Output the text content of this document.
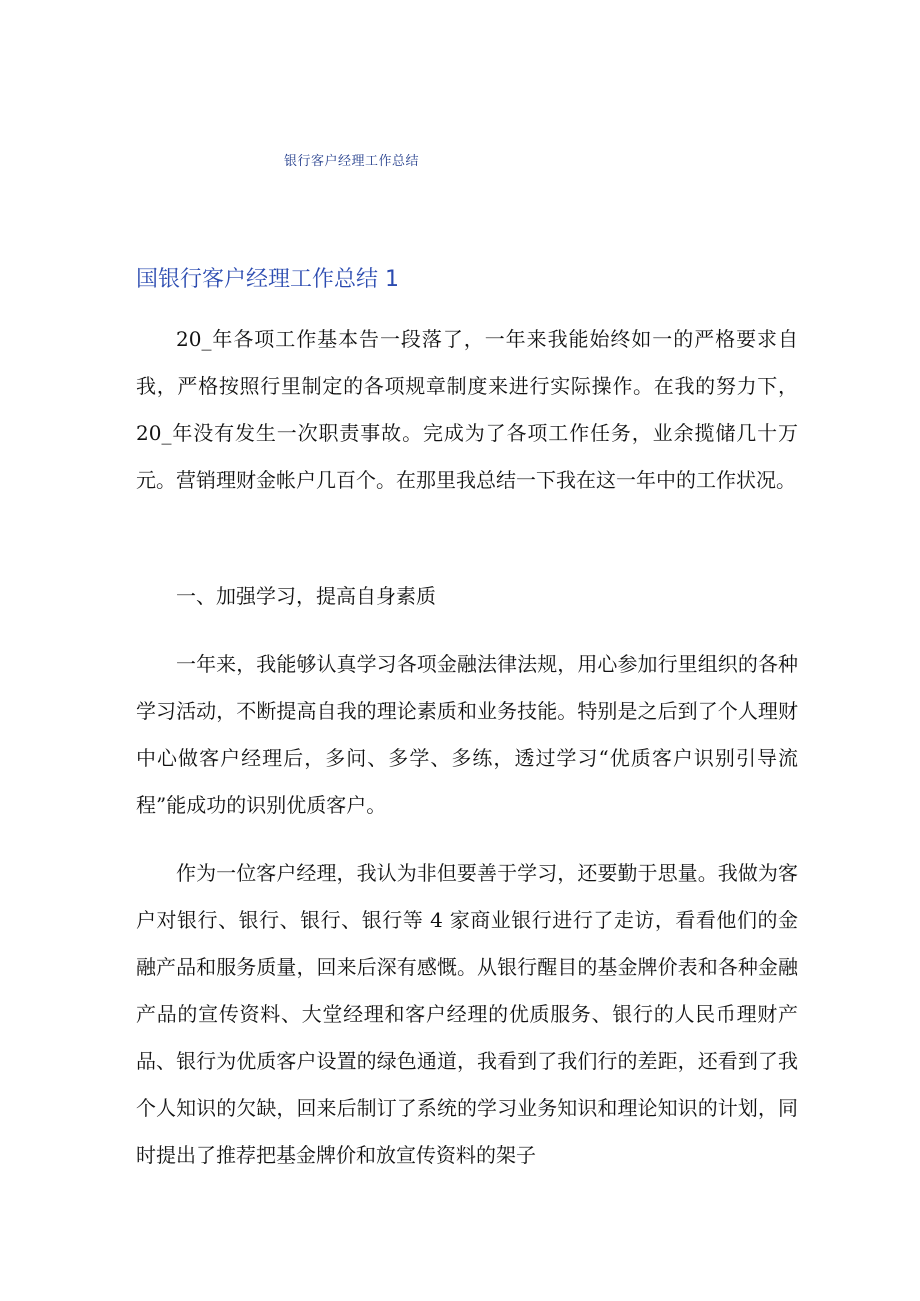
银行客户经理工作总结
国银行客户经理工作总结 1

20_年各项工作基本告一段落了，一年来我能始终如一的严格要求自我，严格按照行里制定的各项规章制度来进行实际操作。在我的努力下，20_年没有发生一次职责事故。完成为了各项工作任务，业余揽储几十万元。营销理财金帐户几百个。在那里我总结一下我在这一年中的工作状况。

一、加强学习，提高自身素质

一年来，我能够认真学习各项金融法律法规，用心参加行里组织的各种学习活动，不断提高自我的理论素质和业务技能。特别是之后到了个人理财中心做客户经理后，多问、多学、多练，透过学习“优质客户识别引导流程”能成功的识别优质客户。

作为一位客户经理，我认为非但要善于学习，还要勤于思量。我做为客户对银行、银行、银行、银行等 4 家商业银行进行了走访，看看他们的金融产品和服务质量，回来后深有感慨。从银行醒目的基金牌价表和各种金融产品的宣传资料、大堂经理和客户经理的优质服务、银行的人民币理财产品、银行为优质客户设置的绿色通道，我看到了我们行的差距，还看到了我个人知识的欠缺，回来后制订了系统的学习业务知识和理论知识的计划，同时提出了推荐把基金牌价和放宣传资料的架子
